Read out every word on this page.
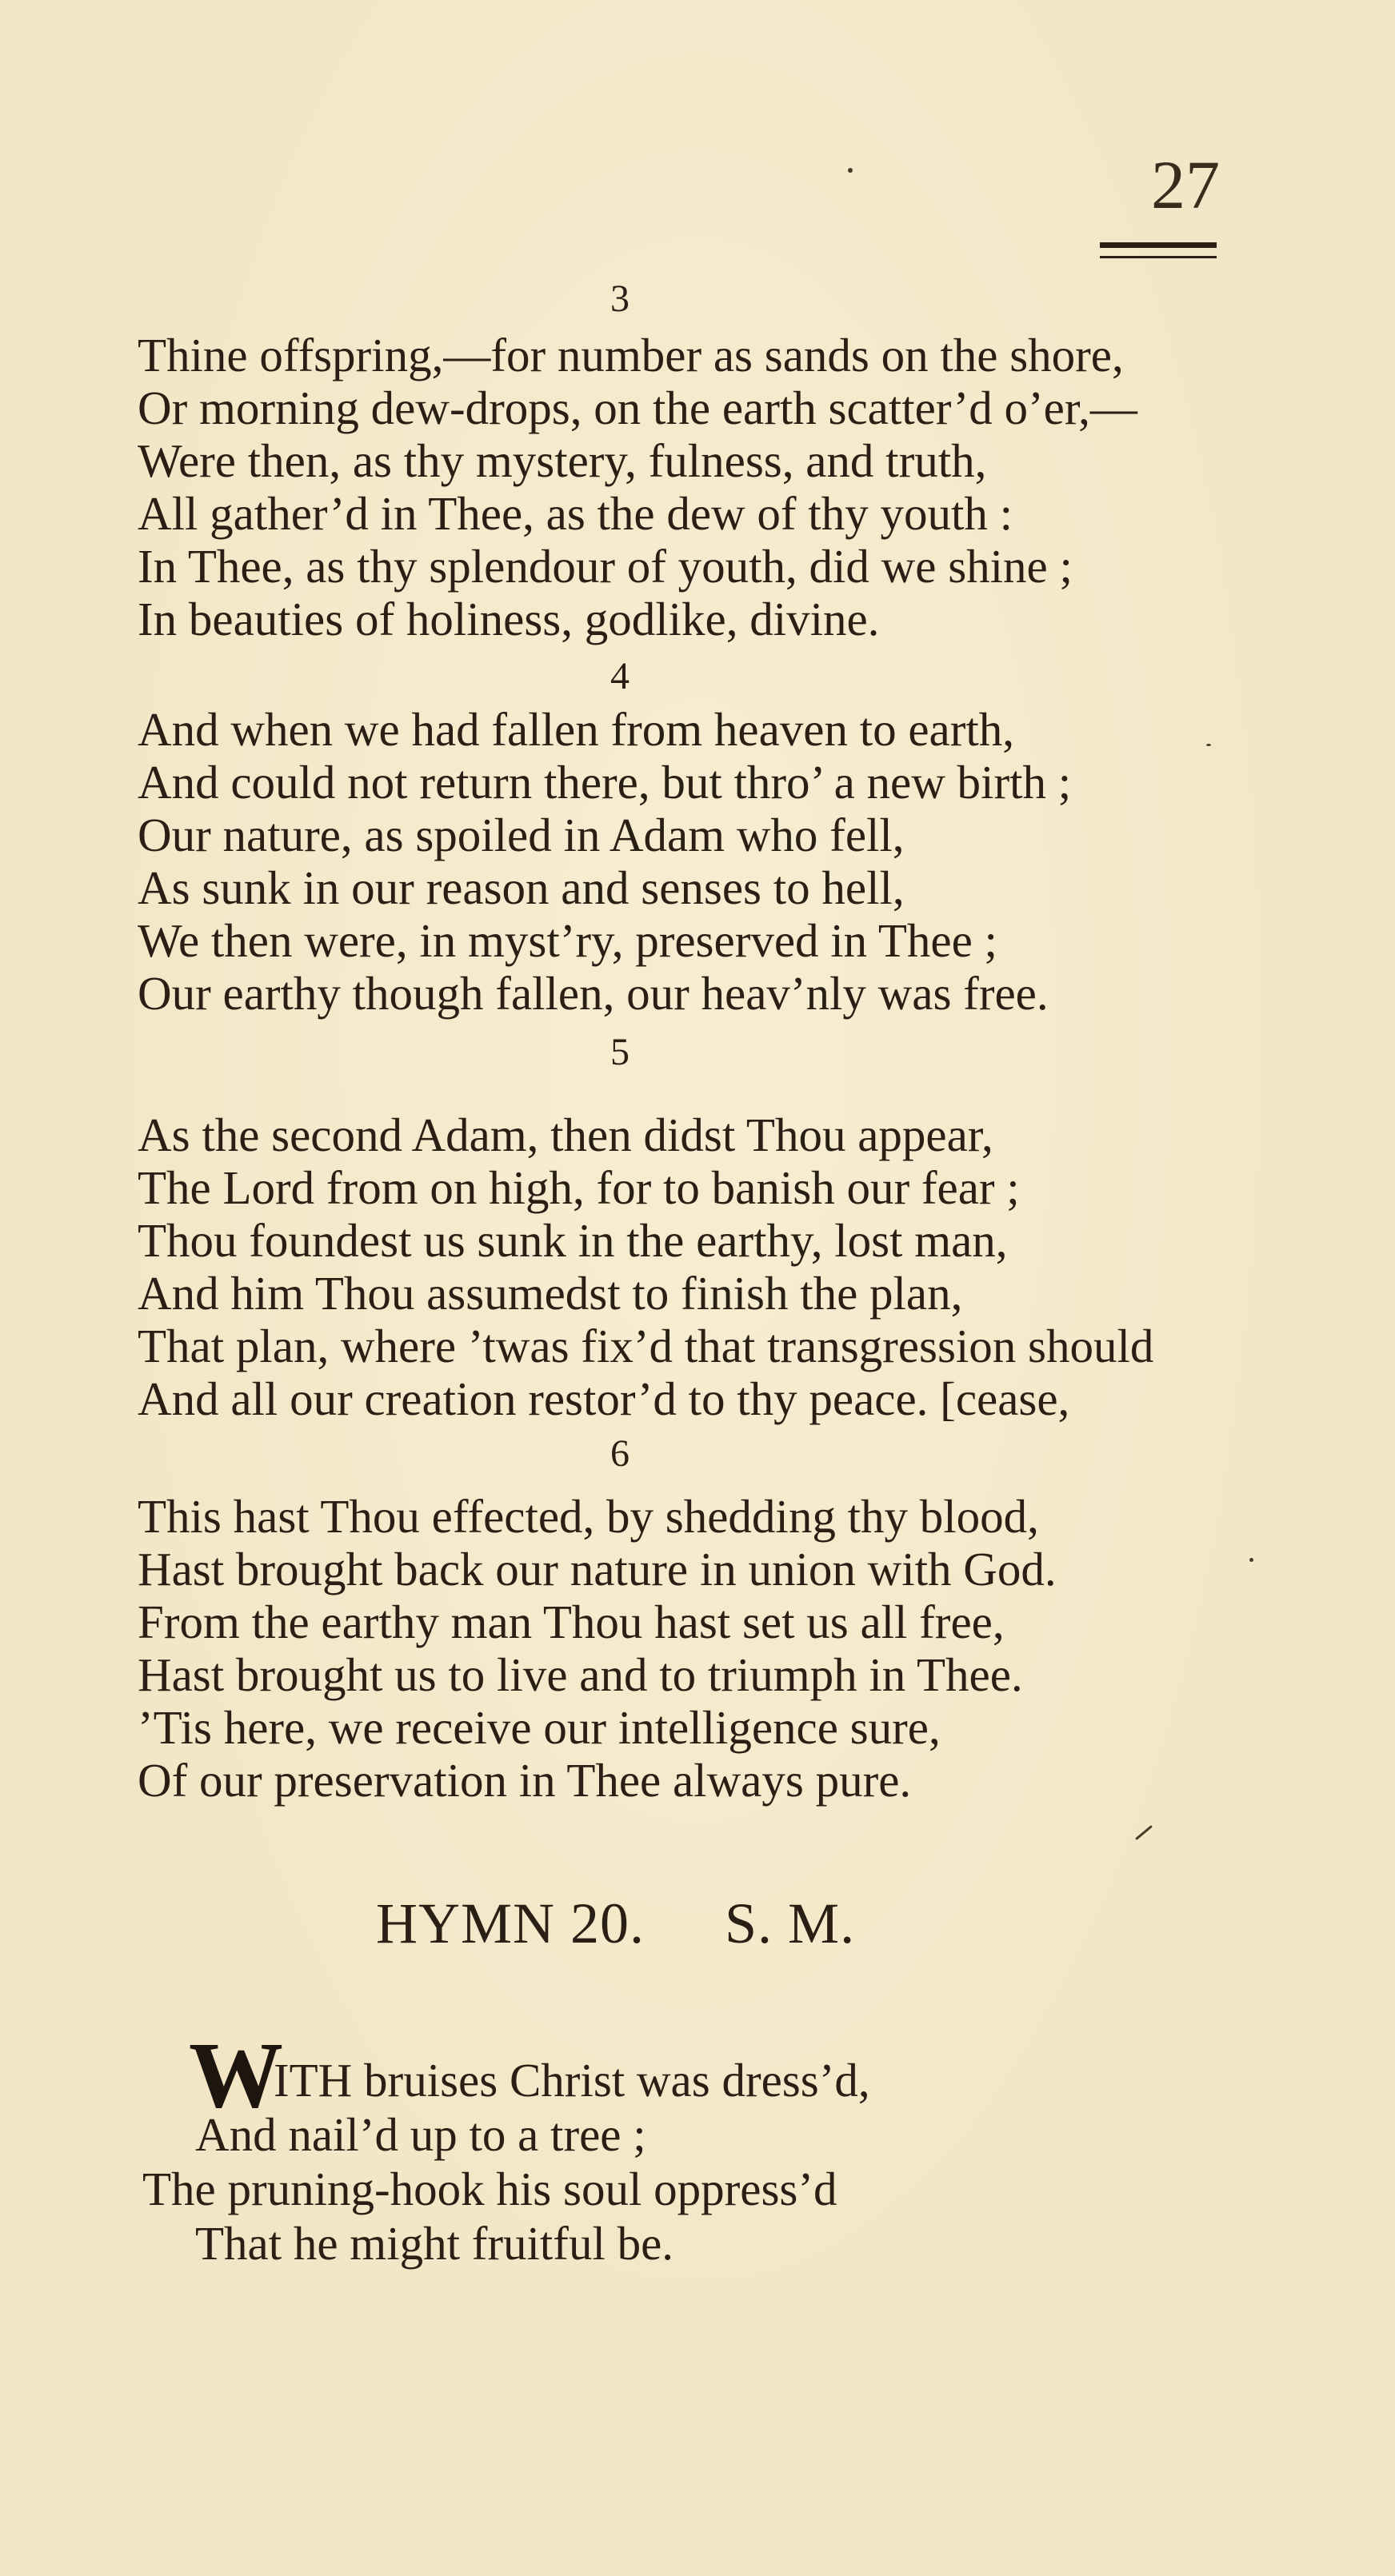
27
3
Thine offspring,—for number as sands on the shore,
Or morning dew-drops, on the earth scatter’d o’er,—
Were then, as thy mystery, fulness, and truth,
All gather’d in Thee, as the dew of thy youth :
In Thee, as thy splendour of youth, did we shine ;
In beauties of holiness, godlike, divine.
4
And when we had fallen from heaven to earth,
And could not return there, but thro’ a new birth ;
Our nature, as spoiled in Adam who fell,
As sunk in our reason and senses to hell,
We then were, in myst’ry, preserved in Thee ;
Our earthy though fallen, our heav’nly was free.
5
As the second Adam, then didst Thou appear,
The Lord from on high, for to banish our fear ;
Thou foundest us sunk in the earthy, lost man,
And him Thou assumedst to finish the plan,
That plan, where ’twas fix’d that transgression should
And all our creation restor’d to thy peace. [cease,
6
This hast Thou effected, by shedding thy blood,
Hast brought back our nature in union with God.
From the earthy man Thou hast set us all free,
Hast brought us to live and to triumph in Thee.
’Tis here, we receive our intelligence sure,
Of our preservation in Thee always pure.
HYMN 20. S. M.
W
ITH bruises Christ was dress’d,
And nail’d up to a tree ;
The pruning-hook his soul oppress’d
That he might fruitful be.
